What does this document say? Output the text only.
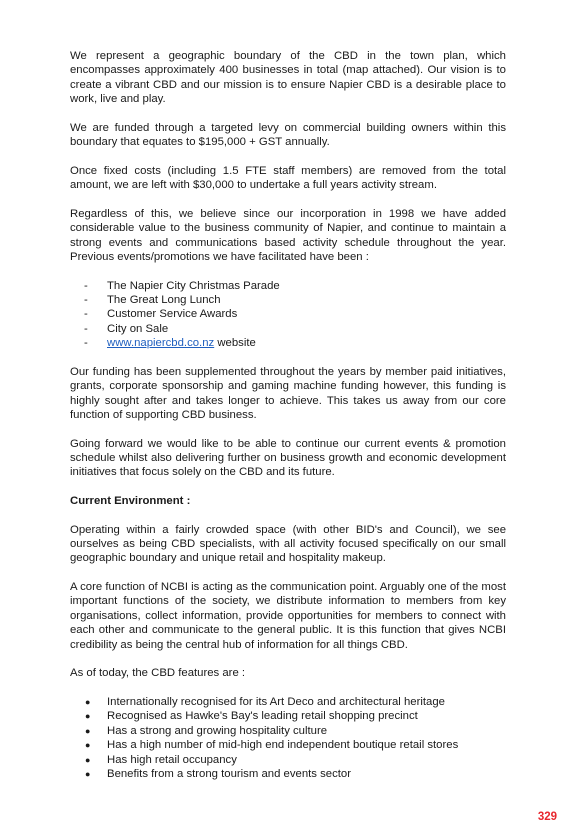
We represent a geographic boundary of the CBD in the town plan, which encompasses approximately 400 businesses in total (map attached). Our vision is to create a vibrant CBD and our mission is to ensure Napier CBD is a desirable place to work, live and play.

We are funded through a targeted levy on commercial building owners within this boundary that equates to $195,000 + GST annually.

Once fixed costs (including 1.5 FTE staff members) are removed from the total amount, we are left with $30,000 to undertake a full years activity stream.

Regardless of this, we believe since our incorporation in 1998 we have added considerable value to the business community of Napier, and continue to maintain a strong events and communications based activity schedule throughout the year. Previous events/promotions we have facilitated have been :

- The Napier City Christmas Parade
- The Great Long Lunch
- Customer Service Awards
- City on Sale
- www.napiercbd.co.nz website

Our funding has been supplemented throughout the years by member paid initiatives, grants, corporate sponsorship and gaming machine funding however, this funding is highly sought after and takes longer to achieve. This takes us away from our core function of supporting CBD business.

Going forward we would like to be able to continue our current events & promotion schedule whilst also delivering further on business growth and economic development initiatives that focus solely on the CBD and its future.

Current Environment :

Operating within a fairly crowded space (with other BID's and Council), we see ourselves as being CBD specialists, with all activity focused specifically on our small geographic boundary and unique retail and hospitality makeup.

A core function of NCBI is acting as the communication point. Arguably one of the most important functions of the society, we distribute information to members from key organisations, collect information, provide opportunities for members to connect with each other and communicate to the general public. It is this function that gives NCBI credibility as being the central hub of information for all things CBD.

As of today, the CBD features are :

● Internationally recognised for its Art Deco and architectural heritage
● Recognised as Hawke's Bay's leading retail shopping precinct
● Has a strong and growing hospitality culture
● Has a high number of mid-high end independent boutique retail stores
● Has high retail occupancy
● Benefits from a strong tourism and events sector
329
